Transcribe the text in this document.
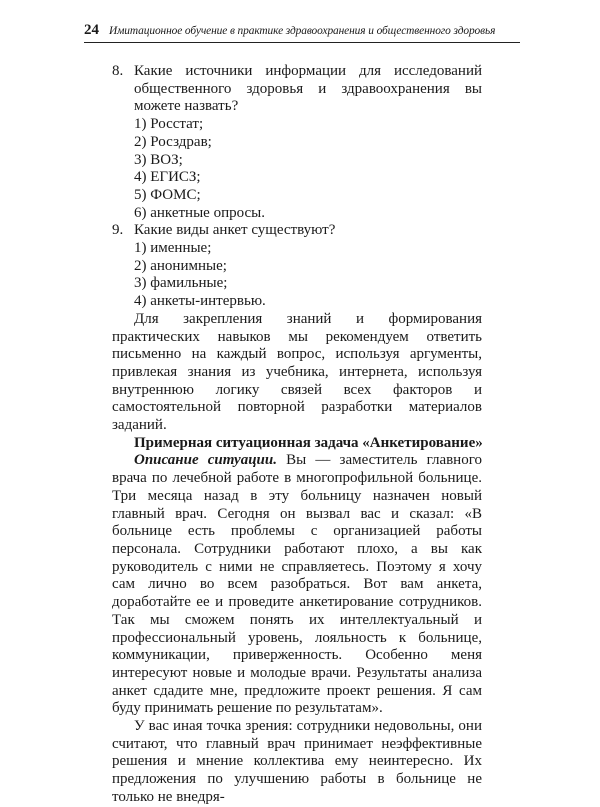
24 Имитационное обучение в практике здравоохранения и общественного здоровья
8. Какие источники информации для исследований общественного здоровья и здравоохранения вы можете назвать?
1) Росстат;
2) Росздрав;
3) ВОЗ;
4) ЕГИСЗ;
5) ФОМС;
6) анкетные опросы.
9. Какие виды анкет существуют?
1) именные;
2) анонимные;
3) фамильные;
4) анкеты-интервью.

Для закрепления знаний и формирования практических навыков мы рекомендуем ответить письменно на каждый вопрос, используя аргументы, привлекая знания из учебника, интернета, используя внутреннюю логику связей всех факторов и самостоятельной повторной разработки материалов заданий.

Примерная ситуационная задача «Анкетирование»

Описание ситуации. Вы — заместитель главного врача по лечебной работе в многопрофильной больнице. Три месяца назад в эту больницу назначен новый главный врач. Сегодня он вызвал вас и сказал: «В больнице есть проблемы с организацией работы персонала. Сотрудники работают плохо, а вы как руководитель с ними не справляетесь. Поэтому я хочу сам лично во всем разобраться. Вот вам анкета, доработайте ее и проведите анкетирование сотрудников. Так мы сможем понять их интеллектуальный и профессиональный уровень, лояльность к больнице, коммуникации, приверженность. Особенно меня интересуют новые и молодые врачи. Результаты анализа анкет сдадите мне, предложите проект решения. Я сам буду принимать решение по результатам».

У вас иная точка зрения: сотрудники недовольны, они считают, что главный врач принимает неэффективные решения и мнение коллектива ему неинтересно. Их предложения по улучшению работы в больнице не только не внедря-
